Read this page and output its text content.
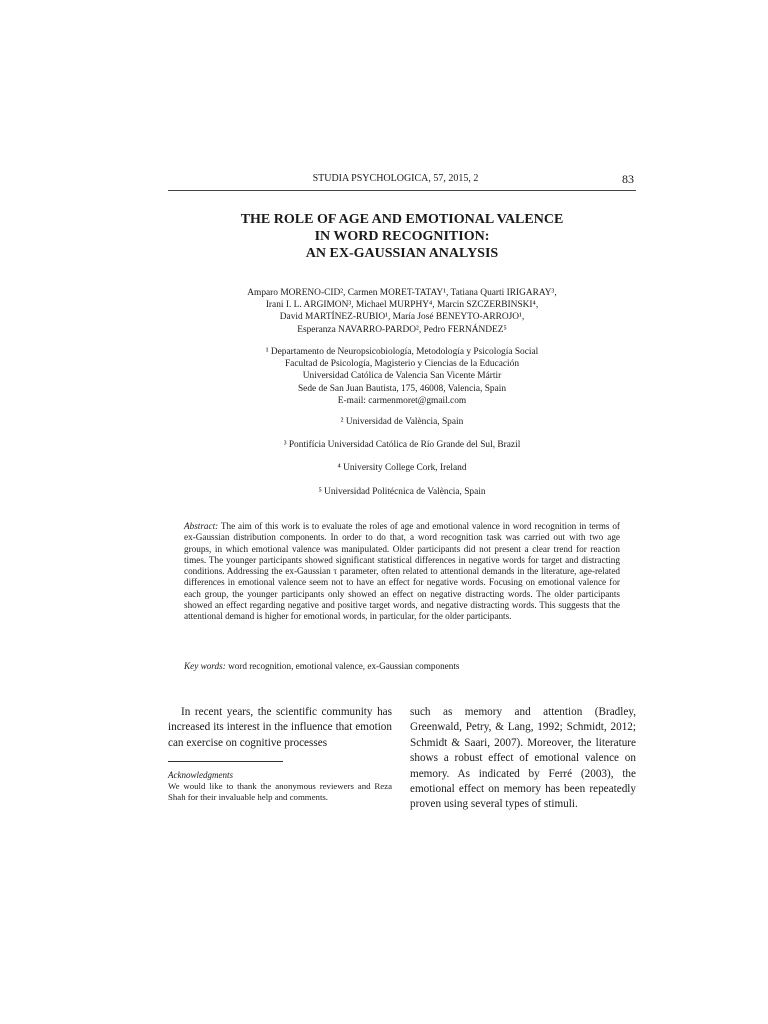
STUDIA PSYCHOLOGICA, 57, 2015, 2	83
THE ROLE OF AGE AND EMOTIONAL VALENCE
IN WORD RECOGNITION:
AN EX-GAUSSIAN ANALYSIS
Amparo MORENO-CID², Carmen MORET-TATAY¹, Tatiana Quarti IRIGARAY³,
Irani I. L. ARGIMON³, Michael MURPHY⁴, Marcin SZCZERBINSKI⁴,
David MARTÍNEZ-RUBIO¹, María José BENEYTO-ARROJO¹,
Esperanza NAVARRO-PARDO², Pedro FERNÁNDEZ⁵
¹ Departamento de Neuropsicobiología, Metodología y Psicología Social
Facultad de Psicología, Magisterio y Ciencias de la Educación
Universidad Católica de Valencia San Vicente Mártir
Sede de San Juan Bautista, 175, 46008, Valencia, Spain
E-mail: carmenmoret@gmail.com
² Universidad de València, Spain
³ Pontifícia Universidad Católica de Río Grande del Sul, Brazil
⁴ University College Cork, Ireland
⁵ Universidad Politécnica de València, Spain
Abstract: The aim of this work is to evaluate the roles of age and emotional valence in word recognition in terms of ex-Gaussian distribution components. In order to do that, a word recognition task was carried out with two age groups, in which emotional valence was manipulated. Older participants did not present a clear trend for reaction times. The younger participants showed significant statistical differences in negative words for target and distracting conditions. Addressing the ex-Gaussian τ parameter, often related to attentional demands in the literature, age-related differences in emotional valence seem not to have an effect for negative words. Focusing on emotional valence for each group, the younger participants only showed an effect on negative distracting words. The older participants showed an effect regarding negative and positive target words, and negative distracting words. This suggests that the attentional demand is higher for emotional words, in particular, for the older participants.
Key words: word recognition, emotional valence, ex-Gaussian components
In recent years, the scientific community has increased its interest in the influence that emotion can exercise on cognitive processes
such as memory and attention (Bradley, Greenwald, Petry, & Lang, 1992; Schmidt, 2012; Schmidt & Saari, 2007). Moreover, the literature shows a robust effect of emotional valence on memory. As indicated by Ferré (2003), the emotional effect on memory has been repeatedly proven using several types of stimuli.
Acknowledgments
We would like to thank the anonymous reviewers and Reza Shah for their invaluable help and comments.
